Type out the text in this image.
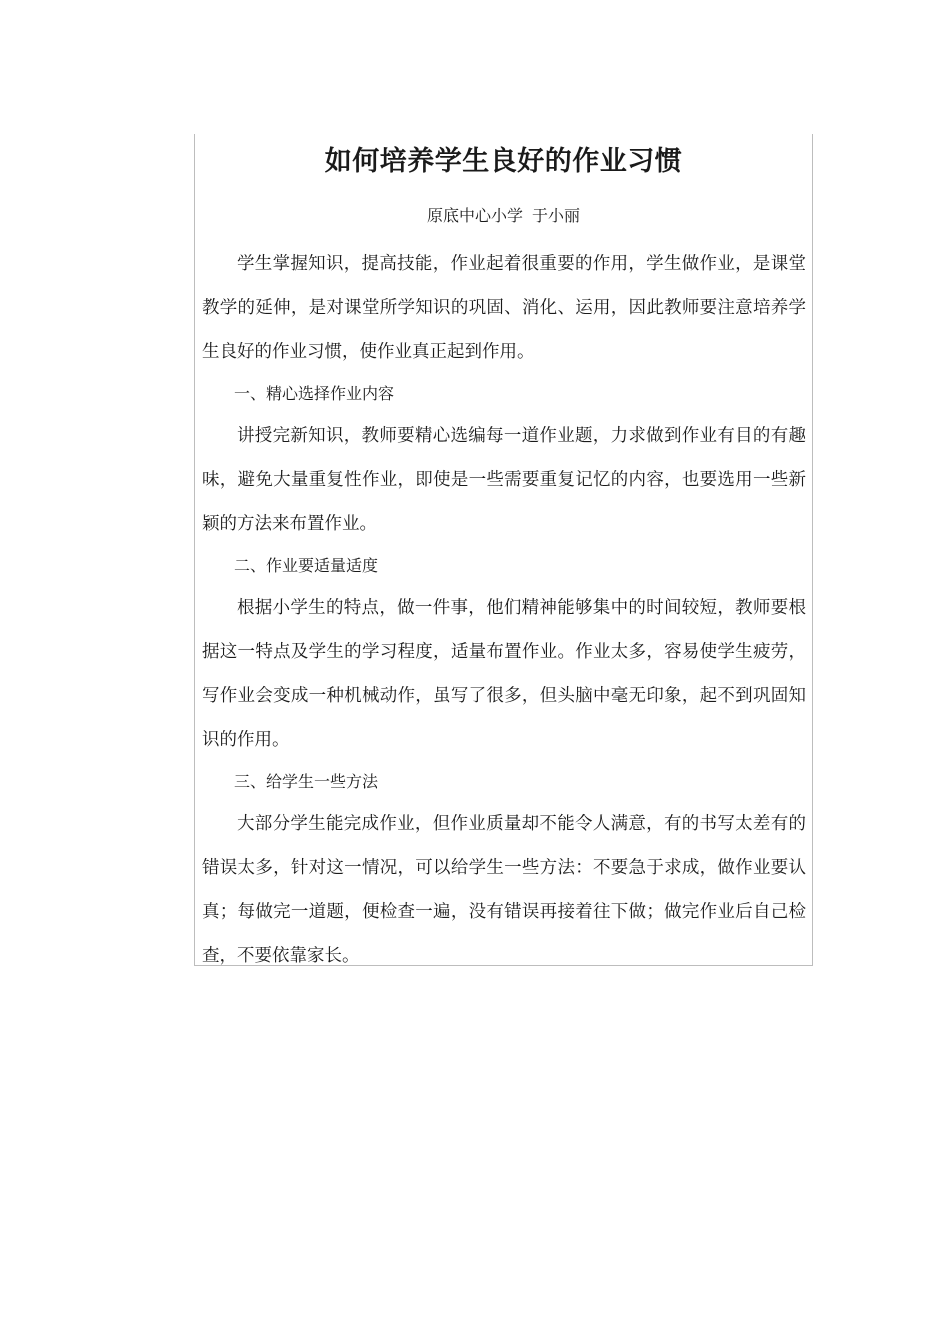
如何培养学生良好的作业习惯
原底中心小学 于小丽

学生掌握知识，提高技能，作业起着很重要的作用，学生做作业，是课堂教学的延伸，是对课堂所学知识的巩固、消化、运用，因此教师要注意培养学生良好的作业习惯，使作业真正起到作用。

一、精心选择作业内容

讲授完新知识，教师要精心选编每一道作业题，力求做到作业有目的有趣味，避免大量重复性作业，即使是一些需要重复记忆的内容，也要选用一些新颖的方法来布置作业。

二、作业要适量适度

根据小学生的特点，做一件事，他们精神能够集中的时间较短，教师要根据这一特点及学生的学习程度，适量布置作业。作业太多，容易使学生疲劳，写作业会变成一种机械动作，虽写了很多，但头脑中毫无印象，起不到巩固知识的作用。

三、给学生一些方法

大部分学生能完成作业，但作业质量却不能令人满意，有的书写太差有的错误太多，针对这一情况，可以给学生一些方法：不要急于求成，做作业要认真；每做完一道题，便检查一遍，没有错误再接着往下做；做完作业后自己检查，不要依靠家长。
